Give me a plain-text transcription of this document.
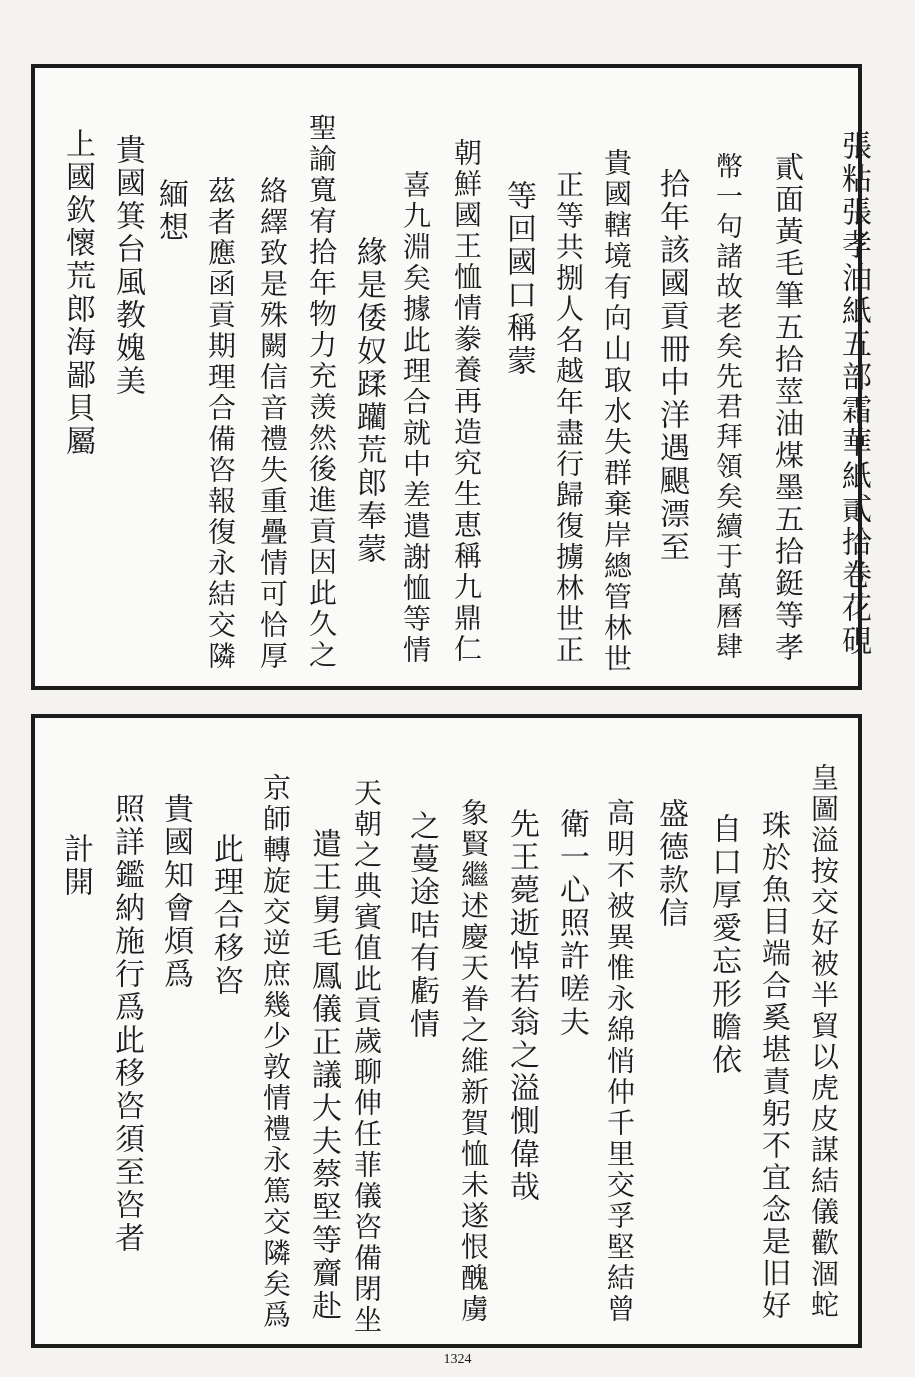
張粘張孝油紙五部霜華紙貳拾卷花硯
貳面黃毛筆五拾莖油煤墨五拾鋌等孝
幣一句諸故老矣先君拜領矣續于萬曆肆
拾年該國貢冊中洋遇颶漂至
貴國轄境有向山取水失群棄岸總管林世
正等共捌人名越年盡行歸復擄林世正
等回國口稱蒙
朝鮮國王恤情豢養再造究生恵稱九鼎仁
喜九淵矣據此理合就中差遣謝恤等情
緣是倭奴蹂躪荒郎奉蒙
聖諭寬宥拾年物力充羡然後進貢因此久之
絡繹致是殊闕信音禮失重疊情可恰厚
茲者應函貢期理合備咨報復永結交隣
緬想
貴國箕台風教媿美
上國欽懷荒郎海鄙貝屬
皇圖溢按交好被半貿以虎皮謀結儀歡涸蛇
珠於魚目端合奚堪責躬不宜念是旧好
自口厚愛忘形瞻依
盛德款信
高明不被異惟永綿悄仲千里交孚堅結曾
衛一心照許嗟夫
先王薨逝悼若翁之溢惻偉哉
象賢繼述慶天眷之維新賀恤未遂恨醜虜
之蔓途咭有虧情
天朝之典賓值此貢歲聊伸任菲儀咨備閉坐
遣王舅毛鳳儀正議大夫蔡堅等齎赴
京師轉旋交逆庶幾少敦情禮永篤交隣矣爲
此理合移咨
貴國知會煩爲
照詳鑑納施行爲此移咨須至咨者
計開
1324
